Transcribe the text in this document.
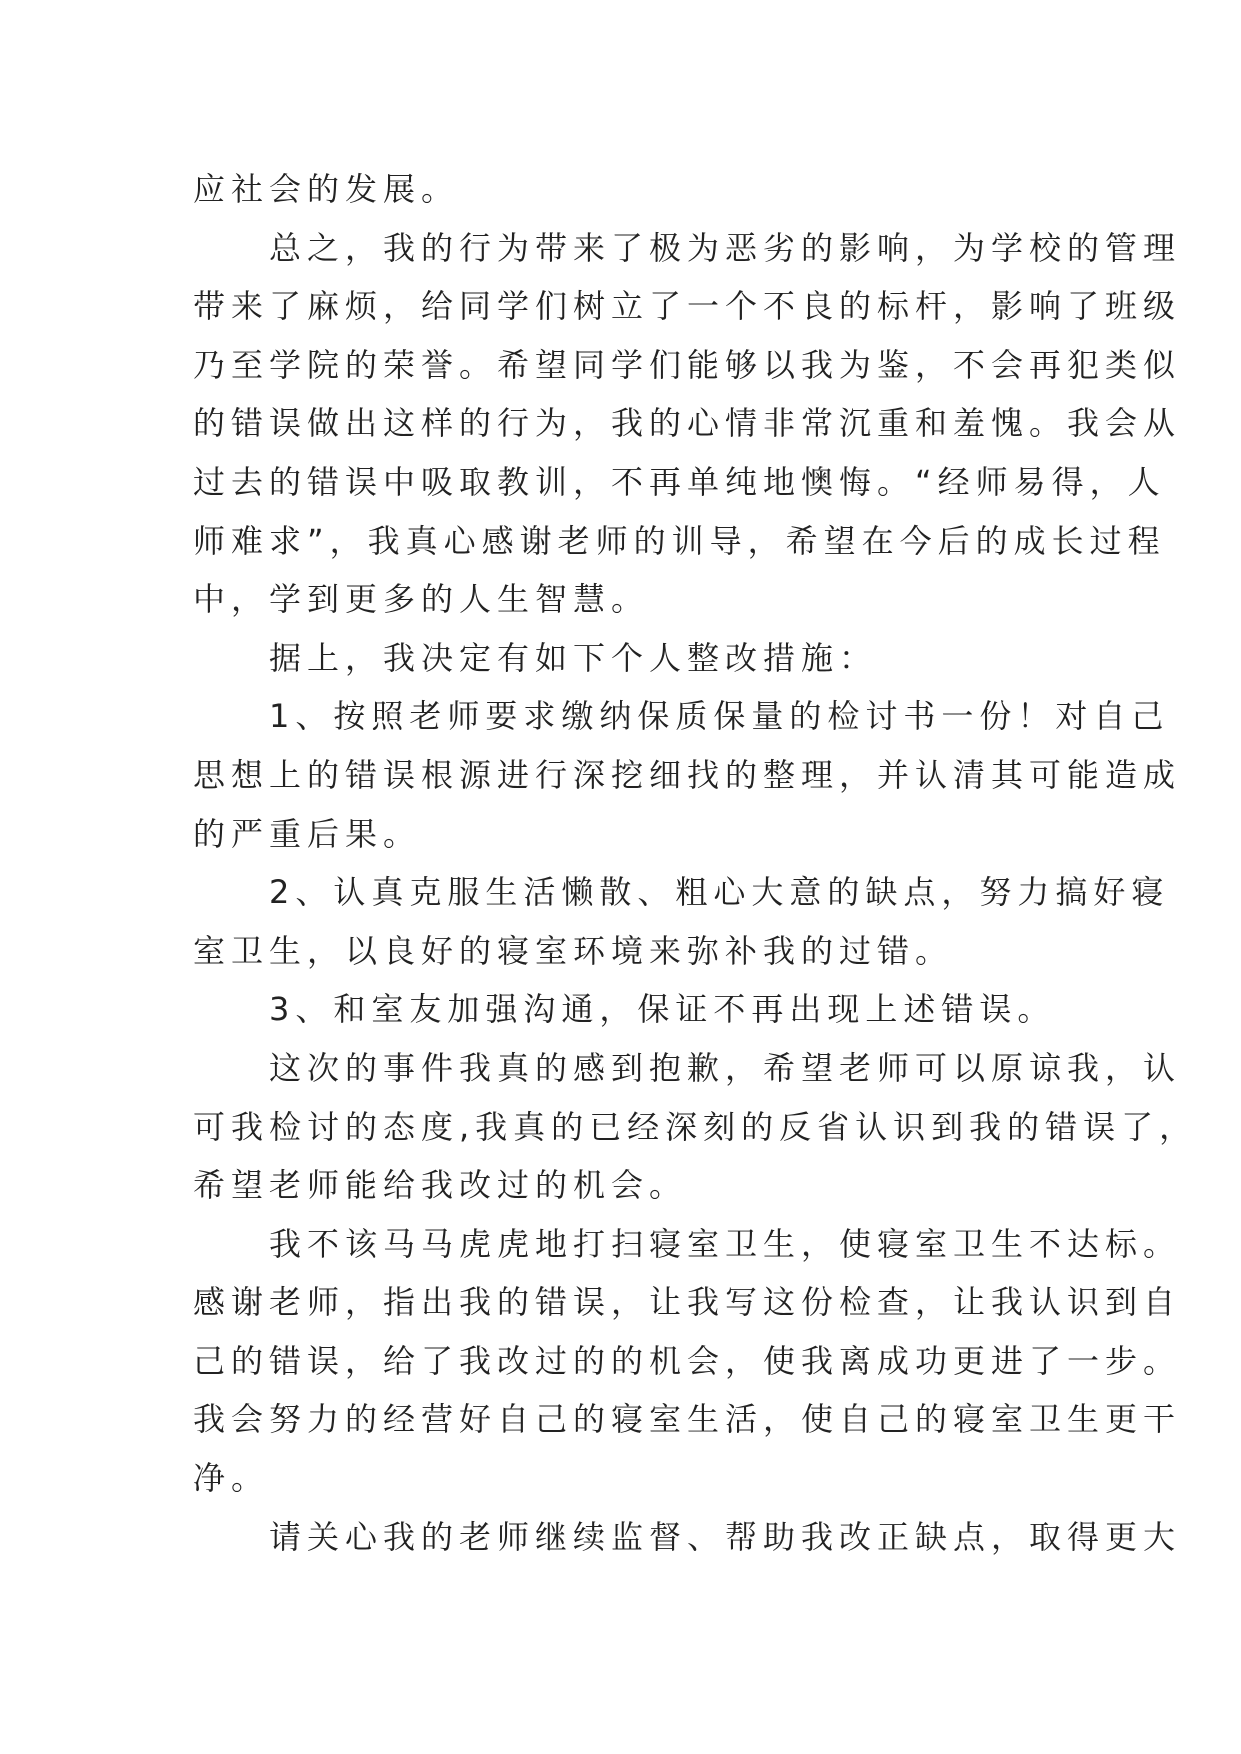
应社会的发展。
　　总之，我的行为带来了极为恶劣的影响，为学校的管理
带来了麻烦，给同学们树立了一个不良的标杆，影响了班级
乃至学院的荣誉。希望同学们能够以我为鉴，不会再犯类似
的错误做出这样的行为，我的心情非常沉重和羞愧。我会从
过去的错误中吸取教训，不再单纯地懊悔。“经师易得，人
师难求”，我真心感谢老师的训导，希望在今后的成长过程
中，学到更多的人生智慧。
　　据上，我决定有如下个人整改措施：
　　1、按照老师要求缴纳保质保量的检讨书一份！对自己
思想上的错误根源进行深挖细找的整理，并认清其可能造成
的严重后果。
　　2、认真克服生活懒散、粗心大意的缺点，努力搞好寝
室卫生，以良好的寝室环境来弥补我的过错。
　　3、和室友加强沟通，保证不再出现上述错误。
　　这次的事件我真的感到抱歉，希望老师可以原谅我，认
可我检讨的态度,我真的已经深刻的反省认识到我的错误了，
希望老师能给我改过的机会。
　　我不该马马虎虎地打扫寝室卫生，使寝室卫生不达标。
感谢老师，指出我的错误，让我写这份检查，让我认识到自
己的错误，给了我改过的的机会，使我离成功更进了一步。
我会努力的经营好自己的寝室生活，使自己的寝室卫生更干
净。
　　请关心我的老师继续监督、帮助我改正缺点，取得更大
